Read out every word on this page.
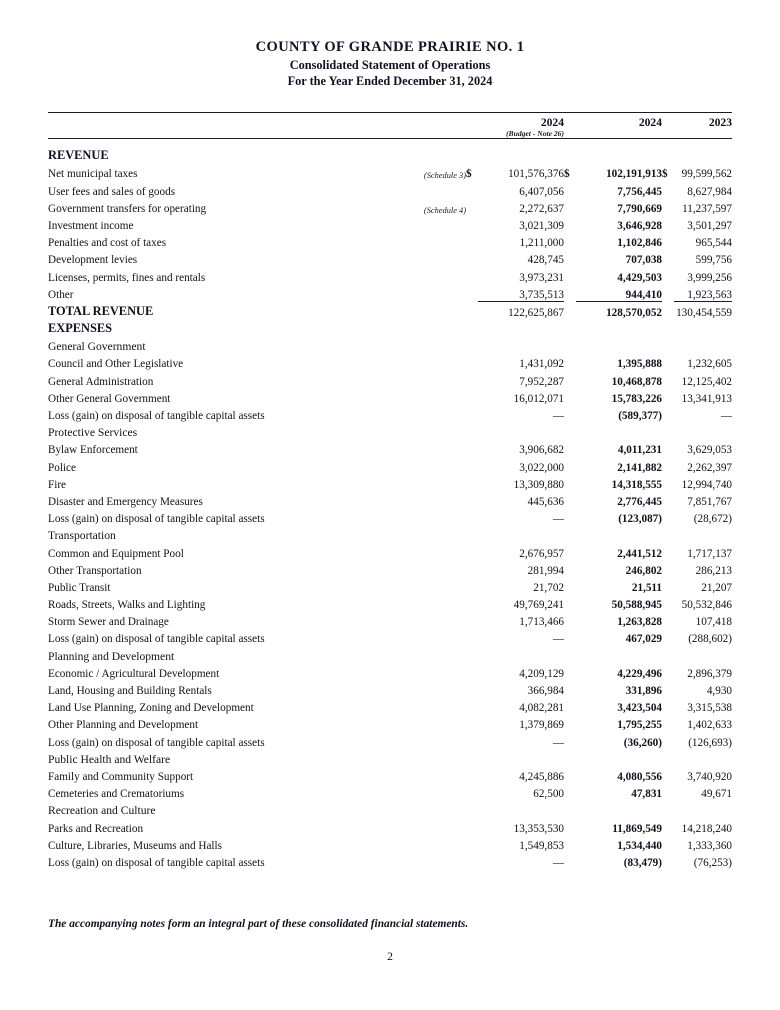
COUNTY OF GRANDE PRAIRIE NO. 1
Consolidated Statement of Operations
For the Year Ended December 31, 2024

			2024		2024		2023
			(Budget - Note 26)				

REVENUE							
Net municipal taxes	(Schedule 3)	$	101,576,376	$	102,191,913	$	99,599,562
User fees and sales of goods			6,407,056		7,756,445		8,627,984
Government transfers for operating	(Schedule 4)		2,272,637		7,790,669		11,237,597
Investment income			3,021,309		3,646,928		3,501,297
Penalties and cost of taxes			1,211,000		1,102,846		965,544
Development levies			428,745		707,038		599,756
Licenses, permits, fines and rentals			3,973,231		4,429,503		3,999,256
Other			3,735,513		944,410		1,923,563
TOTAL REVENUE			122,625,867		128,570,052		130,454,559
EXPENSES							
General Government							
Council and Other Legislative			1,431,092		1,395,888		1,232,605
General Administration			7,952,287		10,468,878		12,125,402
Other General Government			16,012,071		15,783,226		13,341,913
Loss (gain) on disposal of tangible capital assets			—		(589,377)		—
Protective Services							
Bylaw Enforcement			3,906,682		4,011,231		3,629,053
Police			3,022,000		2,141,882		2,262,397
Fire			13,309,880		14,318,555		12,994,740
Disaster and Emergency Measures			445,636		2,776,445		7,851,767
Loss (gain) on disposal of tangible capital assets			—		(123,087)		(28,672)
Transportation							
Common and Equipment Pool			2,676,957		2,441,512		1,717,137
Other Transportation			281,994		246,802		286,213
Public Transit			21,702		21,511		21,207
Roads, Streets, Walks and Lighting			49,769,241		50,588,945		50,532,846
Storm Sewer and Drainage			1,713,466		1,263,828		107,418
Loss (gain) on disposal of tangible capital assets			—		467,029		(288,602)
Planning and Development							
Economic / Agricultural Development			4,209,129		4,229,496		2,896,379
Land, Housing and Building Rentals			366,984		331,896		4,930
Land Use Planning, Zoning and Development			4,082,281		3,423,504		3,315,538
Other Planning and Development			1,379,869		1,795,255		1,402,633
Loss (gain) on disposal of tangible capital assets			—		(36,260)		(126,693)
Public Health and Welfare							
Family and Community Support			4,245,886		4,080,556		3,740,920
Cemeteries and Crematoriums			62,500		47,831		49,671
Recreation and Culture							
Parks and Recreation			13,353,530		11,869,549		14,218,240
Culture, Libraries, Museums and Halls			1,549,853		1,534,440		1,333,360
Loss (gain) on disposal of tangible capital assets			—		(83,479)		(76,253)
The accompanying notes form an integral part of these consolidated financial statements.
2
